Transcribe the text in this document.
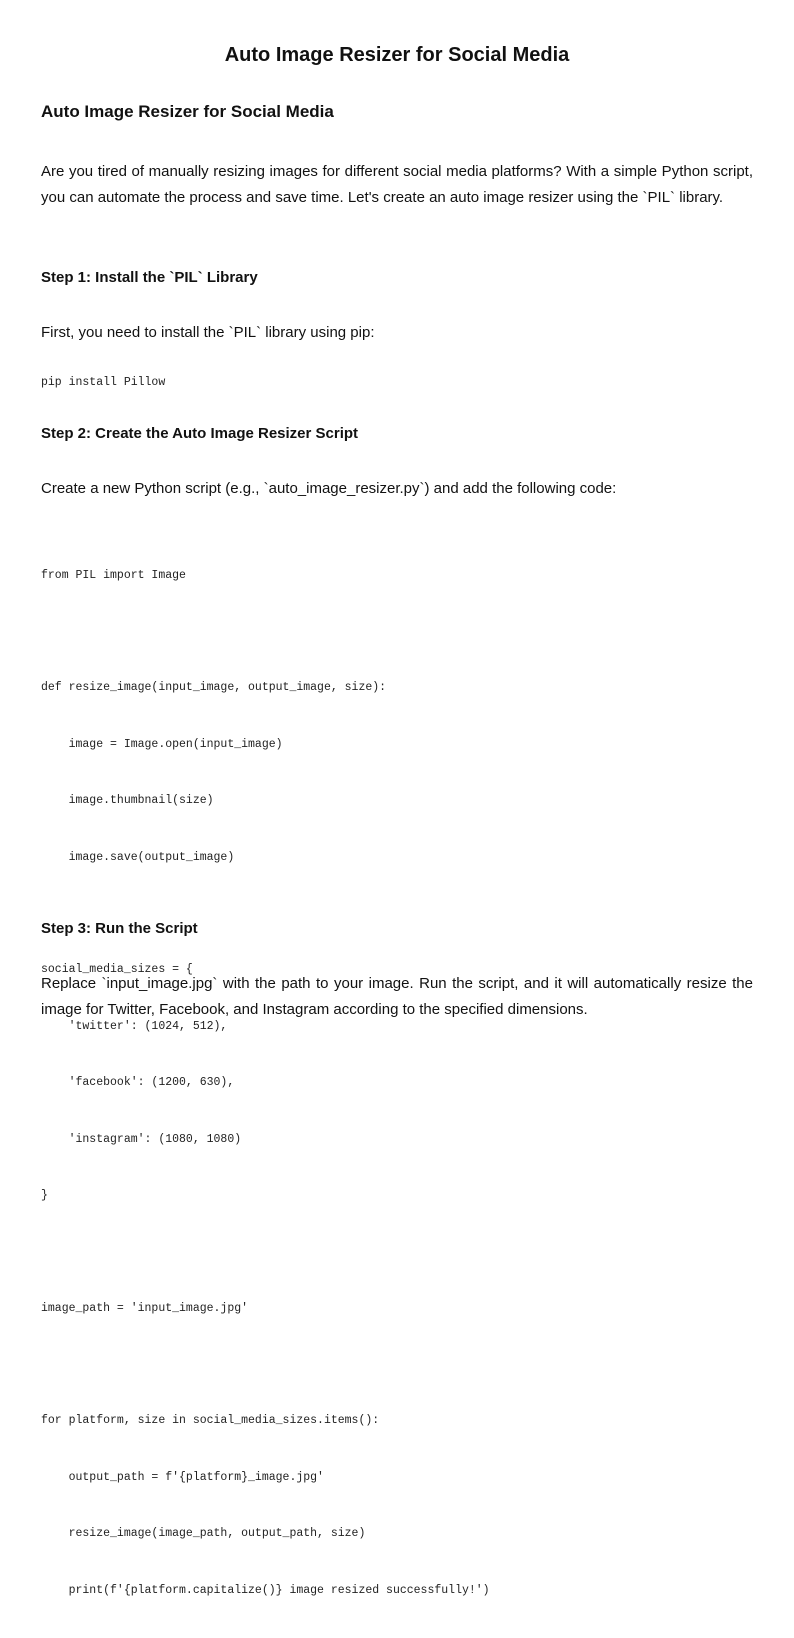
Auto Image Resizer for Social Media
Auto Image Resizer for Social Media

Are you tired of manually resizing images for different social media platforms? With a simple Python script, you can automate the process and save time. Let's create an auto image resizer using the `PIL` library.

Step 1: Install the `PIL` Library

First, you need to install the `PIL` library using pip:

pip install Pillow
Step 2: Create the Auto Image Resizer Script

Create a new Python script (e.g., `auto_image_resizer.py`) and add the following code:

from PIL import Image

def resize_image(input_image, output_image, size):

image = Image.open(input_image)

image.thumbnail(size)

image.save(output_image)

social_media_sizes = {

'twitter': (1024, 512),

'facebook': (1200, 630),

'instagram': (1080, 1080)

}

image_path = 'input_image.jpg'

for platform, size in social_media_sizes.items():

output_path = f'{platform}_image.jpg'

resize_image(image_path, output_path, size)

print(f'{platform.capitalize()} image resized successfully!')

Step 3: Run the Script

Replace `input_image.jpg` with the path to your image. Run the script, and it will automatically resize the image for Twitter, Facebook, and Instagram according to the specified dimensions.
